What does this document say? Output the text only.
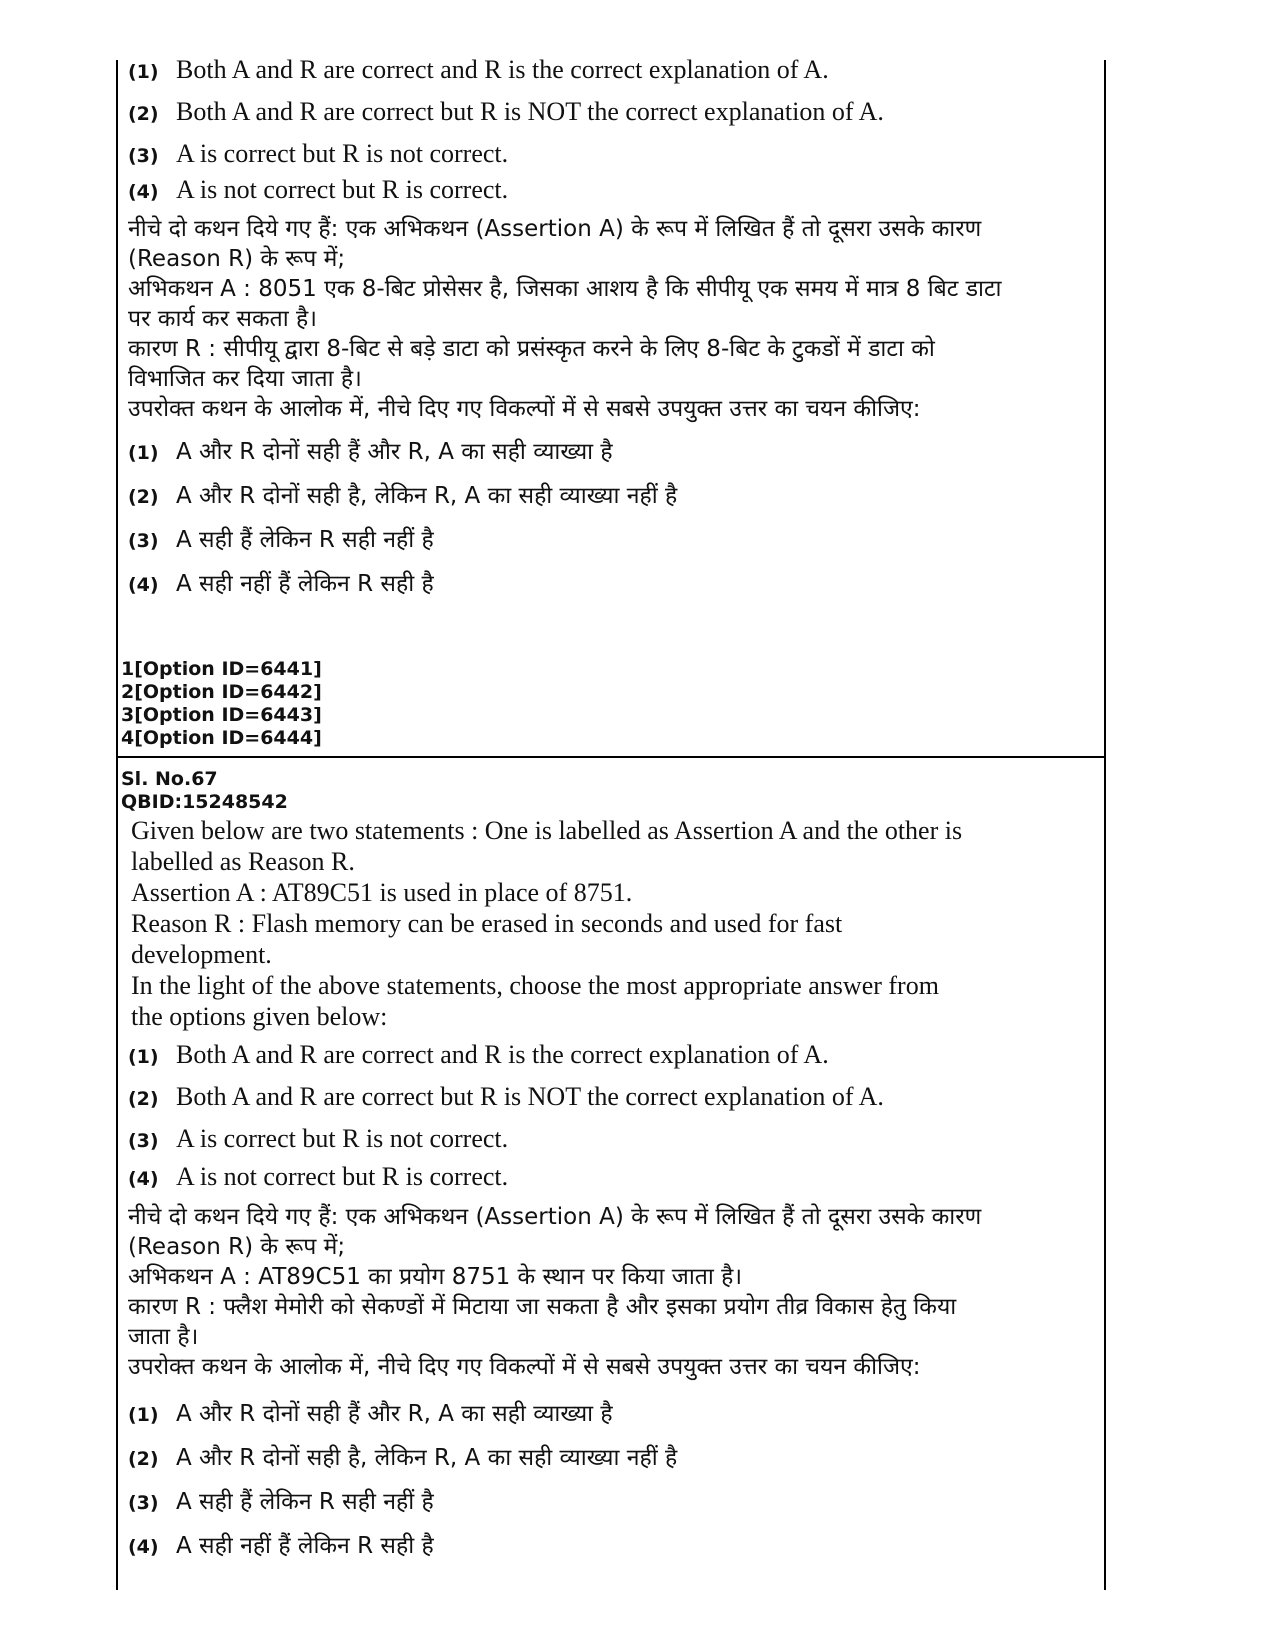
(1) Both A and R are correct and R is the correct explanation of A.
(2) Both A and R are correct but R is NOT the correct explanation of A.
(3) A is correct but R is not correct.
(4) A is not correct but R is correct.

नीचे दो कथन दिये गए हैं: एक अभिकथन (Assertion A) के रूप में लिखित हैं तो दूसरा उसके कारण
(Reason R) के रूप में;
अभिकथन A : 8051 एक 8-बिट प्रोसेसर है, जिसका आशय है कि सीपीयू एक समय में मात्र 8 बिट डाटा
पर कार्य कर सकता है।
कारण R : सीपीयू द्वारा 8-बिट से बड़े डाटा को प्रसंस्कृत करने के लिए 8-बिट के टुकडों में डाटा को
विभाजित कर दिया जाता है।
उपरोक्त कथन के आलोक में, नीचे दिए गए विकल्पों में से सबसे उपयुक्त उत्तर का चयन कीजिए:

(1) A और R दोनों सही हैं और R, A का सही व्याख्या है
(2) A और R दोनों सही है, लेकिन R, A का सही व्याख्या नहीं है
(3) A सही हैं लेकिन R सही नहीं है
(4) A सही नहीं हैं लेकिन R सही है
1[Option ID=6441]
2[Option ID=6442]
3[Option ID=6443]
4[Option ID=6444]
Sl. No.67
QBID:15248542

Given below are two statements : One is labelled as Assertion A and the other is
labelled as Reason R.
Assertion A : AT89C51 is used in place of 8751.
Reason R : Flash memory can be erased in seconds and used for fast
development.
In the light of the above statements, choose the most appropriate answer from
the options given below:

(1) Both A and R are correct and R is the correct explanation of A.
(2) Both A and R are correct but R is NOT the correct explanation of A.
(3) A is correct but R is not correct.
(4) A is not correct but R is correct.

नीचे दो कथन दिये गए हैं: एक अभिकथन (Assertion A) के रूप में लिखित हैं तो दूसरा उसके कारण
(Reason R) के रूप में;
अभिकथन A : AT89C51 का प्रयोग 8751 के स्थान पर किया जाता है।
कारण R : फ्लैश मेमोरी को सेकण्डों में मिटाया जा सकता है और इसका प्रयोग तीव्र विकास हेतु किया
जाता है।
उपरोक्त कथन के आलोक में, नीचे दिए गए विकल्पों में से सबसे उपयुक्त उत्तर का चयन कीजिए:

(1) A और R दोनों सही हैं और R, A का सही व्याख्या है
(2) A और R दोनों सही है, लेकिन R, A का सही व्याख्या नहीं है
(3) A सही हैं लेकिन R सही नहीं है
(4) A सही नहीं हैं लेकिन R सही है
